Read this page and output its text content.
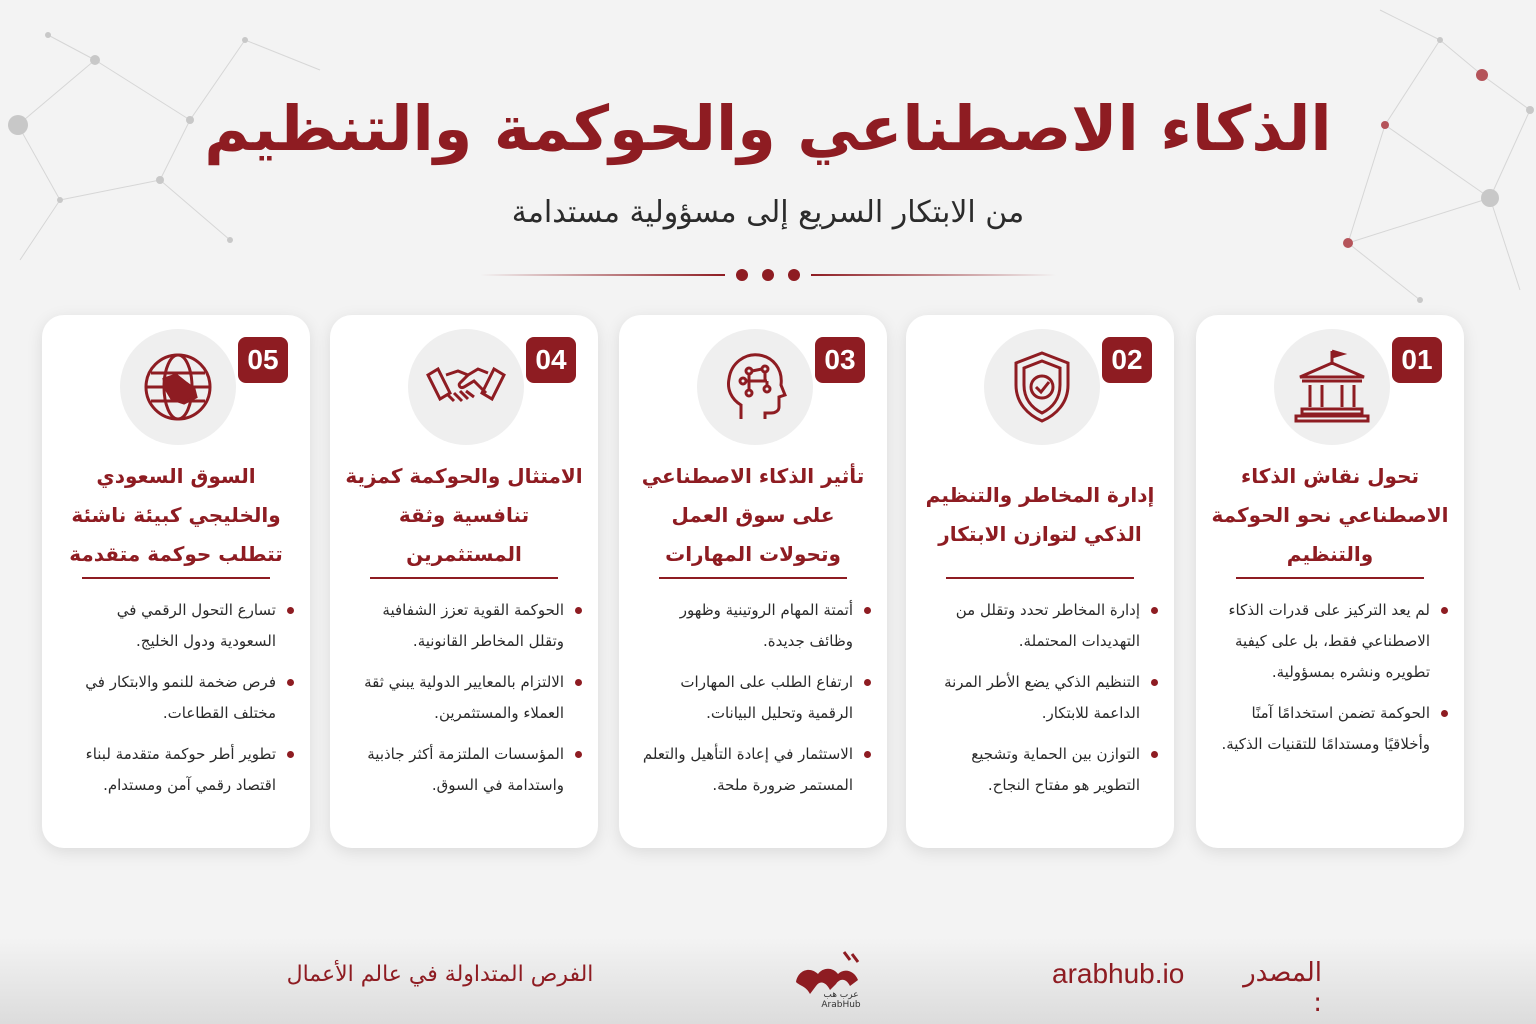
الذكاء الاصطناعي والحوكمة والتنظيم
من الابتكار السريع إلى مسؤولية مستدامة
01
تحول نقاش الذكاء الاصطناعي نحو الحوكمة والتنظيم
لم يعد التركيز على قدرات الذكاء الاصطناعي فقط، بل على كيفية تطويره ونشره بمسؤولية.
الحوكمة تضمن استخدامًا آمنًا وأخلاقيًا ومستدامًا للتقنيات الذكية.
02
إدارة المخاطر والتنظيم الذكي لتوازن الابتكار
إدارة المخاطر تحدد وتقلل من التهديدات المحتملة.
التنظيم الذكي يضع الأطر المرنة الداعمة للابتكار.
التوازن بين الحماية وتشجيع التطوير هو مفتاح النجاح.
03
تأثير الذكاء الاصطناعي على سوق العمل وتحولات المهارات
أتمتة المهام الروتينية وظهور وظائف جديدة.
ارتفاع الطلب على المهارات الرقمية وتحليل البيانات.
الاستثمار في إعادة التأهيل والتعلم المستمر ضرورة ملحة.
04
الامتثال والحوكمة كمزية تنافسية وثقة المستثمرين
الحوكمة القوية تعزز الشفافية وتقلل المخاطر القانونية.
الالتزام بالمعايير الدولية يبني ثقة العملاء والمستثمرين.
المؤسسات الملتزمة أكثر جاذبية واستدامة في السوق.
05
السوق السعودي والخليجي كبيئة ناشئة تتطلب حوكمة متقدمة
تسارع التحول الرقمي في السعودية ودول الخليج.
فرص ضخمة للنمو والابتكار في مختلف القطاعات.
تطوير أطر حوكمة متقدمة لبناء اقتصاد رقمي آمن ومستدام.
الفرص المتداولة في عالم الأعمال
عرب هب
ArabHub
arabhub.io	المصدر :
